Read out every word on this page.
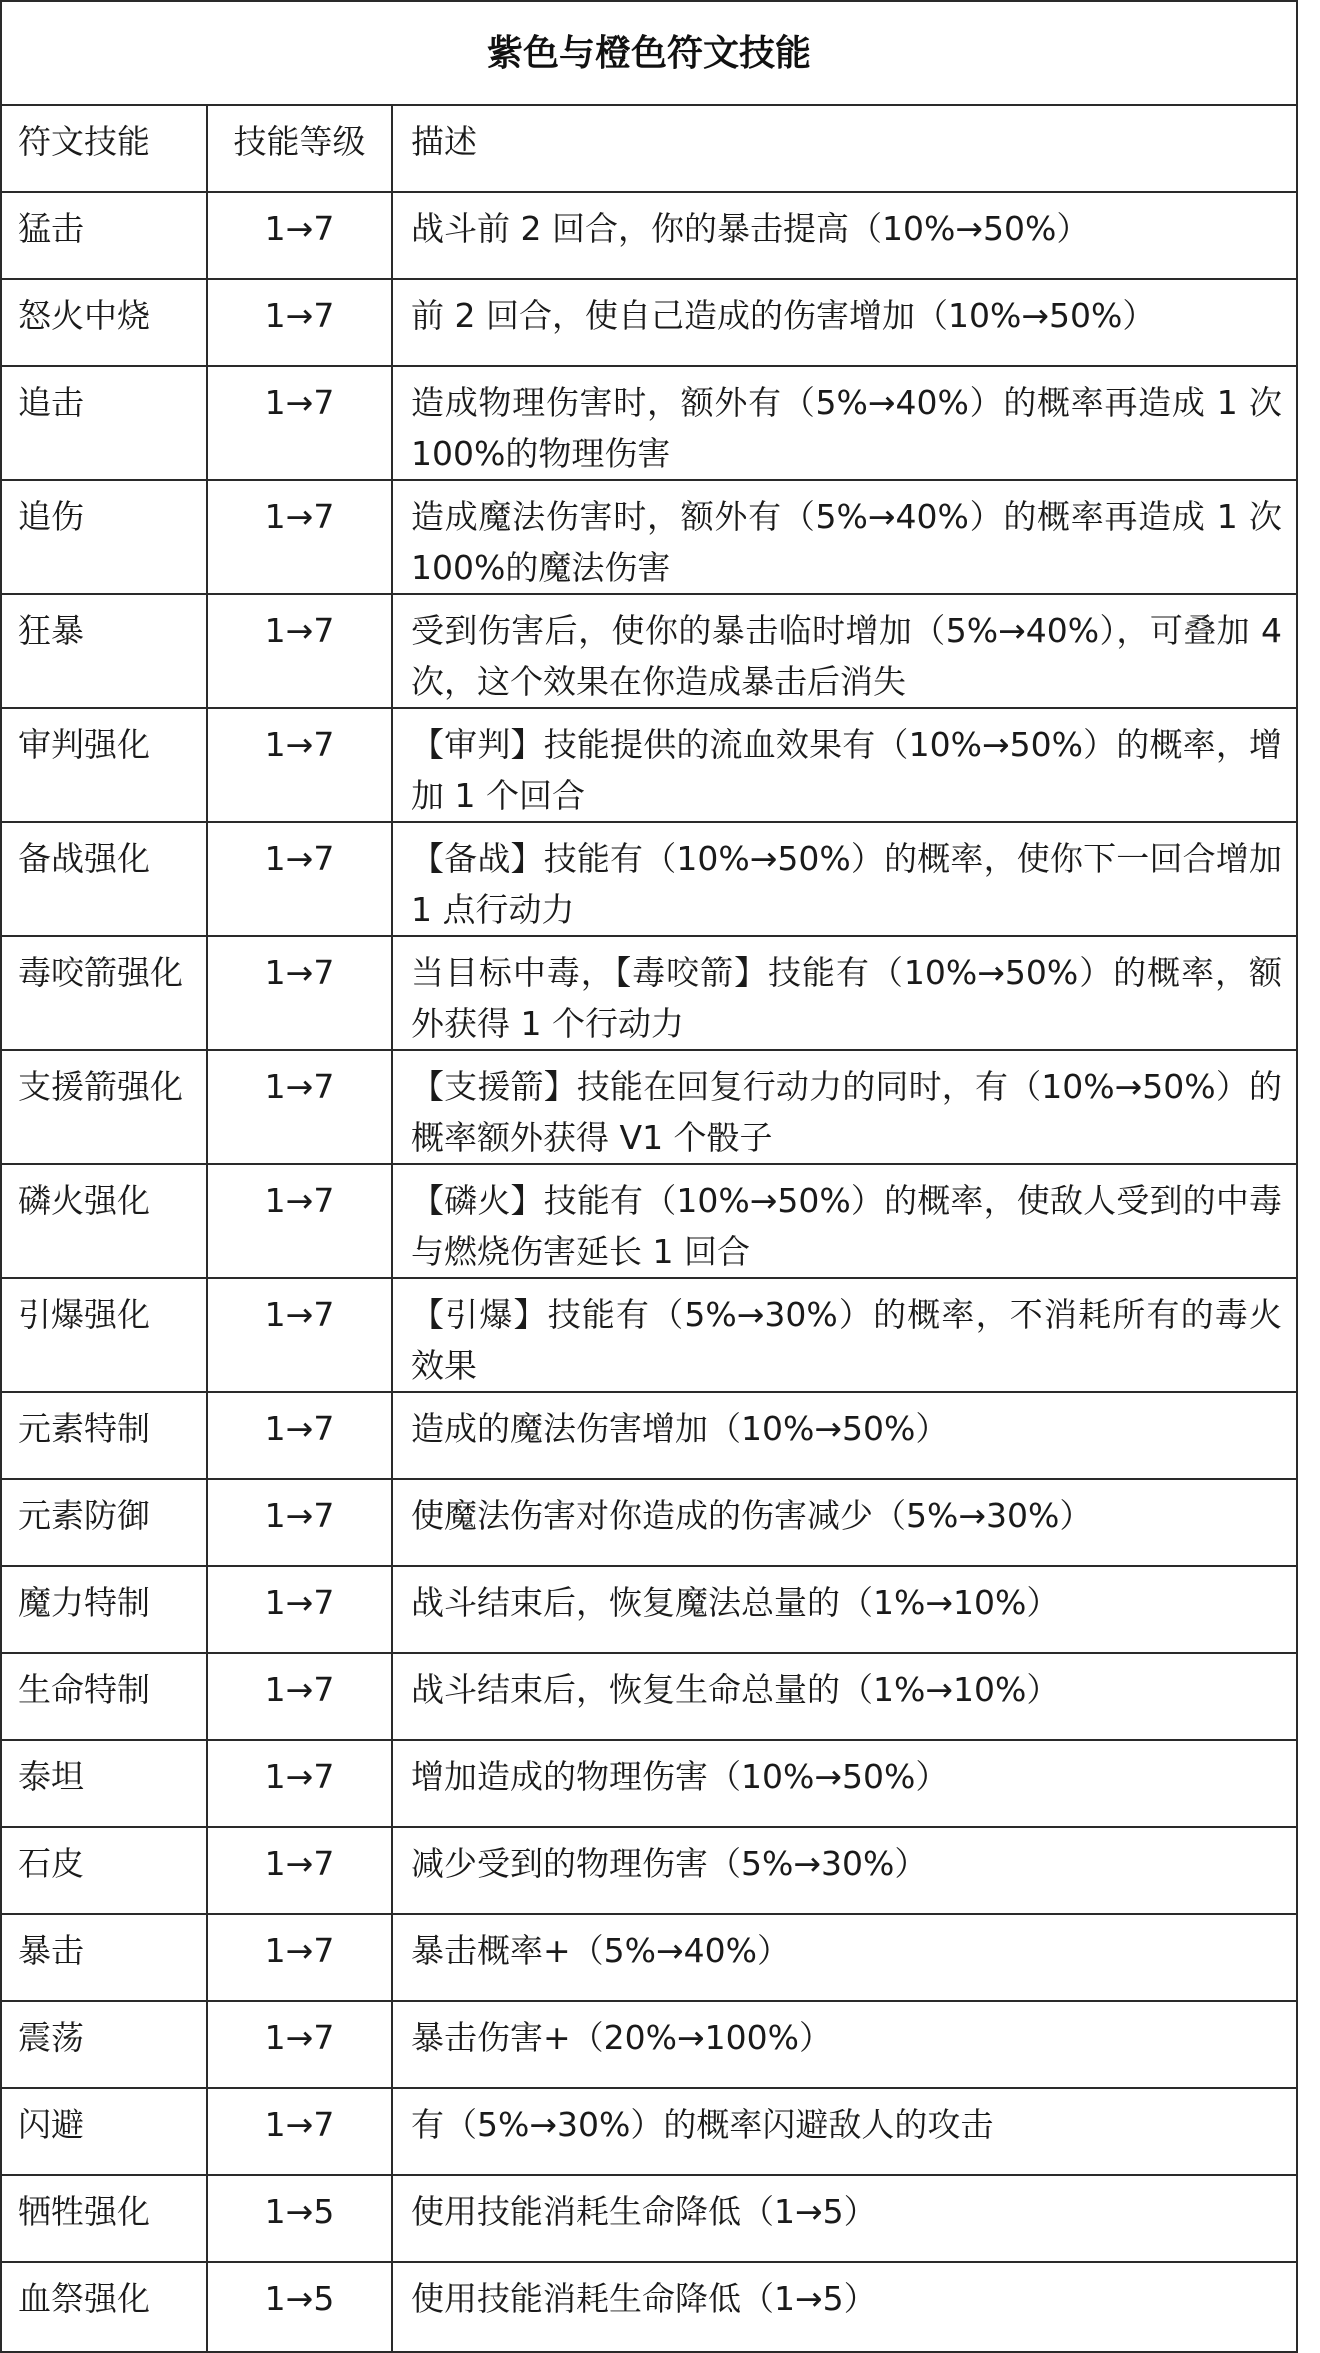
紫色与橙色符文技能		
符文技能	技能等级	描述
猛击	1→7	战斗前 2 回合，你的暴击提高（10%→50%）
怒火中烧	1→7	前 2 回合，使自己造成的伤害增加（10%→50%）
追击	1→7	造成物理伤害时，额外有（5%→40%）的概率再造成 1 次 100%的物理伤害
追伤	1→7	造成魔法伤害时，额外有（5%→40%）的概率再造成 1 次 100%的魔法伤害
狂暴	1→7	受到伤害后，使你的暴击临时增加（5%→40%），可叠加 4 次，这个效果在你造成暴击后消失
审判强化	1→7	【审判】技能提供的流血效果有（10%→50%）的概率，增加 1 个回合
备战强化	1→7	【备战】技能有（10%→50%）的概率，使你下一回合增加 1 点行动力
毒咬箭强化	1→7	当目标中毒，【毒咬箭】技能有（10%→50%）的概率，额外获得 1 个行动力
支援箭强化	1→7	【支援箭】技能在回复行动力的同时，有（10%→50%）的概率额外获得 V1 个骰子
磷火强化	1→7	【磷火】技能有（10%→50%）的概率，使敌人受到的中毒与燃烧伤害延长 1 回合
引爆强化	1→7	【引爆】技能有（5%→30%）的概率，不消耗所有的毒火效果
元素特制	1→7	造成的魔法伤害增加（10%→50%）
元素防御	1→7	使魔法伤害对你造成的伤害减少（5%→30%）
魔力特制	1→7	战斗结束后，恢复魔法总量的（1%→10%）
生命特制	1→7	战斗结束后，恢复生命总量的（1%→10%）
泰坦	1→7	增加造成的物理伤害（10%→50%）
石皮	1→7	减少受到的物理伤害（5%→30%）
暴击	1→7	暴击概率+（5%→40%）
震荡	1→7	暴击伤害+（20%→100%）
闪避	1→7	有（5%→30%）的概率闪避敌人的攻击
牺牲强化	1→5	使用技能消耗生命降低（1→5）
血祭强化	1→5	使用技能消耗生命降低（1→5）
